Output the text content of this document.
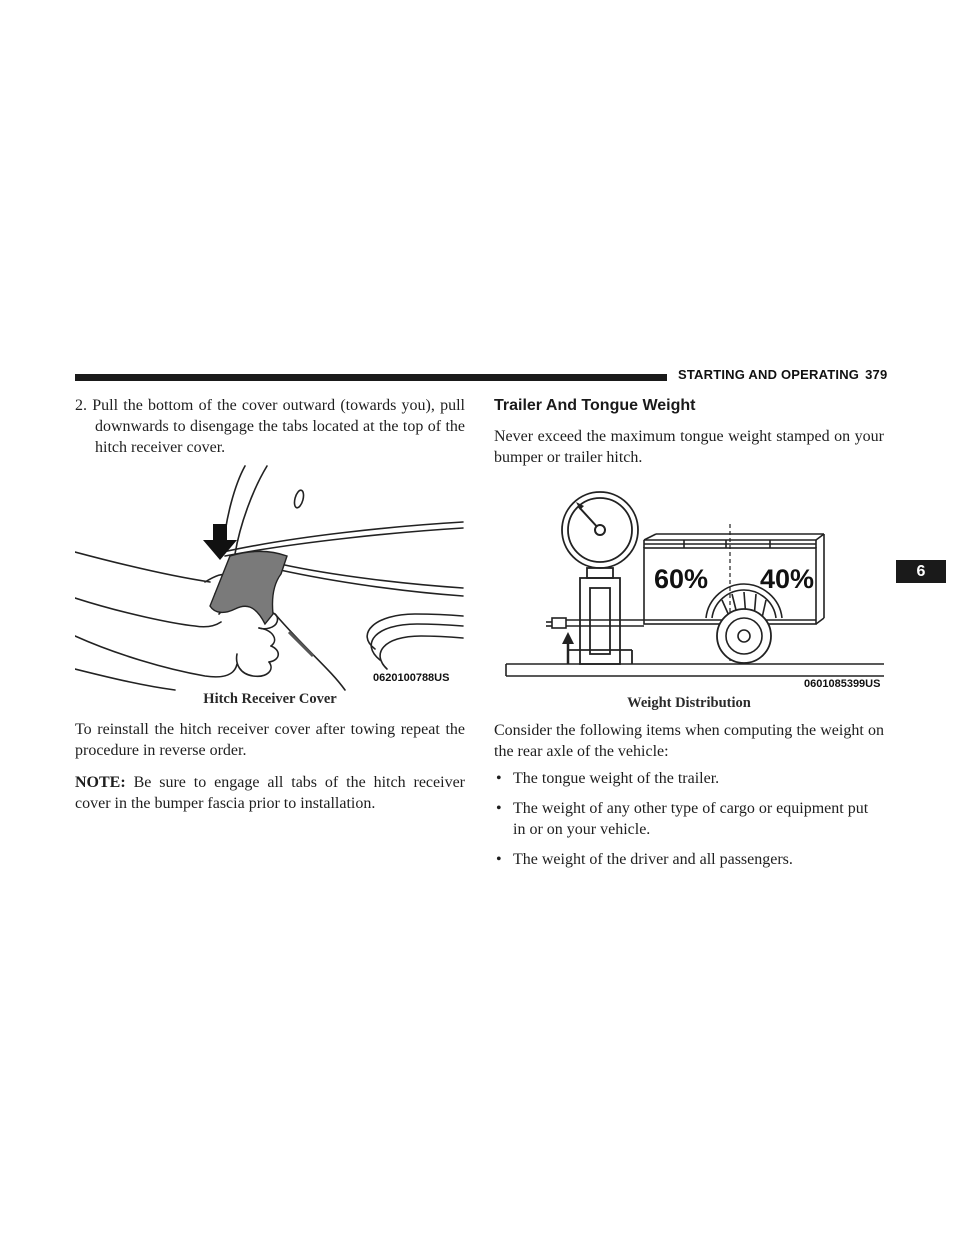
STARTING AND OPERATING 379
6

2. Pull the bottom of the cover outward (towards you), pull downwards to disengage the tabs located at the top of the hitch receiver cover.

0620100788US
Hitch Receiver Cover

To reinstall the hitch receiver cover after towing repeat the procedure in reverse order.

NOTE: Be sure to engage all tabs of the hitch receiver cover in the bumper fascia prior to installation.

Trailer And Tongue Weight

Never exceed the maximum tongue weight stamped on your bumper or trailer hitch.

60% 40%
0601085399US
Weight Distribution

Consider the following items when computing the weight on the rear axle of the vehicle:

• The tongue weight of the trailer.
• The weight of any other type of cargo or equipment put in or on your vehicle.
• The weight of the driver and all passengers.
